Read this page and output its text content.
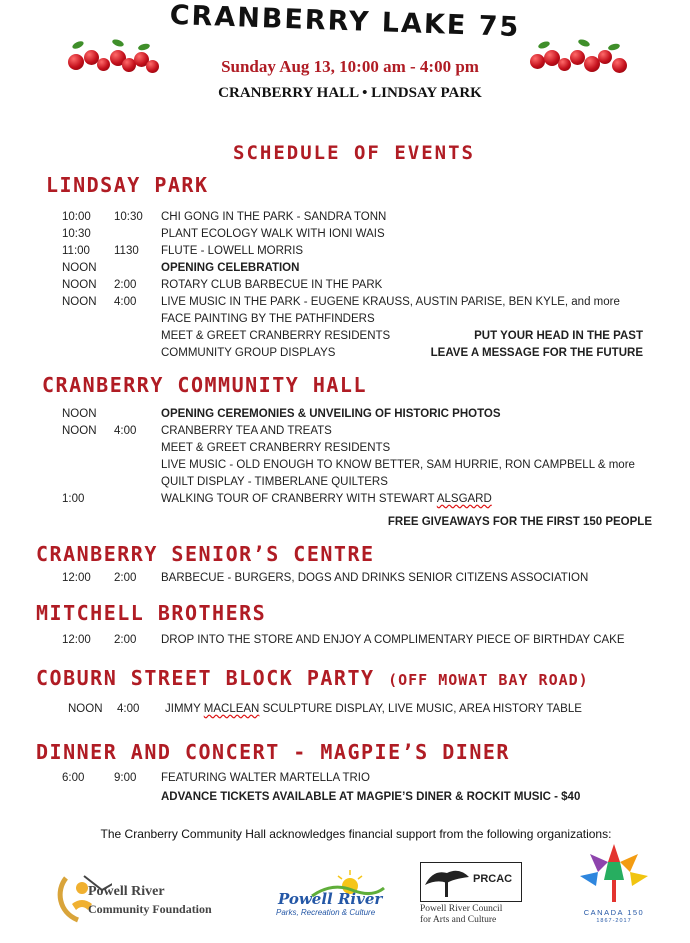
CRANBERRY LAKE 75
Sunday Aug 13, 10:00 am - 4:00 pm
CRANBERRY HALL • LINDSAY PARK
SCHEDULE OF EVENTS
LINDSAY PARK
10:00 10:30 CHI GONG IN THE PARK - SANDRA TONN
10:30	PLANT ECOLOGY WALK WITH IONI WAIS
11:00 1130 FLUTE - LOWELL MORRIS
NOON	OPENING CELEBRATION
NOON 2:00 ROTARY CLUB BARBECUE IN THE PARK
NOON 4:00 LIVE MUSIC IN THE PARK - EUGENE KRAUSS, AUSTIN PARISE, BEN KYLE, and more
FACE PAINTING BY THE PATHFINDERS
MEET & GREET CRANBERRY RESIDENTS	PUT YOUR HEAD IN THE PAST
COMMUNITY GROUP DISPLAYS	LEAVE A MESSAGE FOR THE FUTURE
CRANBERRY COMMUNITY HALL
NOON	OPENING CEREMONIES & UNVEILING OF HISTORIC PHOTOS
NOON 4:00 CRANBERRY TEA AND TREATS
MEET & GREET CRANBERRY RESIDENTS
LIVE MUSIC - OLD ENOUGH TO KNOW BETTER, SAM HURRIE, RON CAMPBELL & more
QUILT DISPLAY - TIMBERLANE QUILTERS
1:00	WALKING TOUR OF CRANBERRY WITH STEWART ALSGARD
FREE GIVEAWAYS FOR THE FIRST 150 PEOPLE
CRANBERRY SENIOR’S CENTRE
12:00 2:00 BARBECUE - BURGERS, DOGS AND DRINKS SENIOR CITIZENS ASSOCIATION
MITCHELL BROTHERS
12:00 2:00 DROP INTO THE STORE AND ENJOY A COMPLIMENTARY PIECE OF BIRTHDAY CAKE
COBURN STREET BLOCK PARTY (OFF MOWAT BAY ROAD)
NOON 4:00 JIMMY MACLEAN SCULPTURE DISPLAY, LIVE MUSIC, AREA HISTORY TABLE
DINNER AND CONCERT - MAGPIE’S DINER
6:00	9:00 FEATURING WALTER MARTELLA TRIO
ADVANCE TICKETS AVAILABLE AT MAGPIE’S DINER & ROCKIT MUSIC - $40
The Cranberry Community Hall acknowledges financial support from the following organizations:
Powell River
Community Foundation
Powell River
Parks, Recreation & Culture
PRCAC
Powell River Council
for Arts and Culture
CANADA 150
1867-2017
